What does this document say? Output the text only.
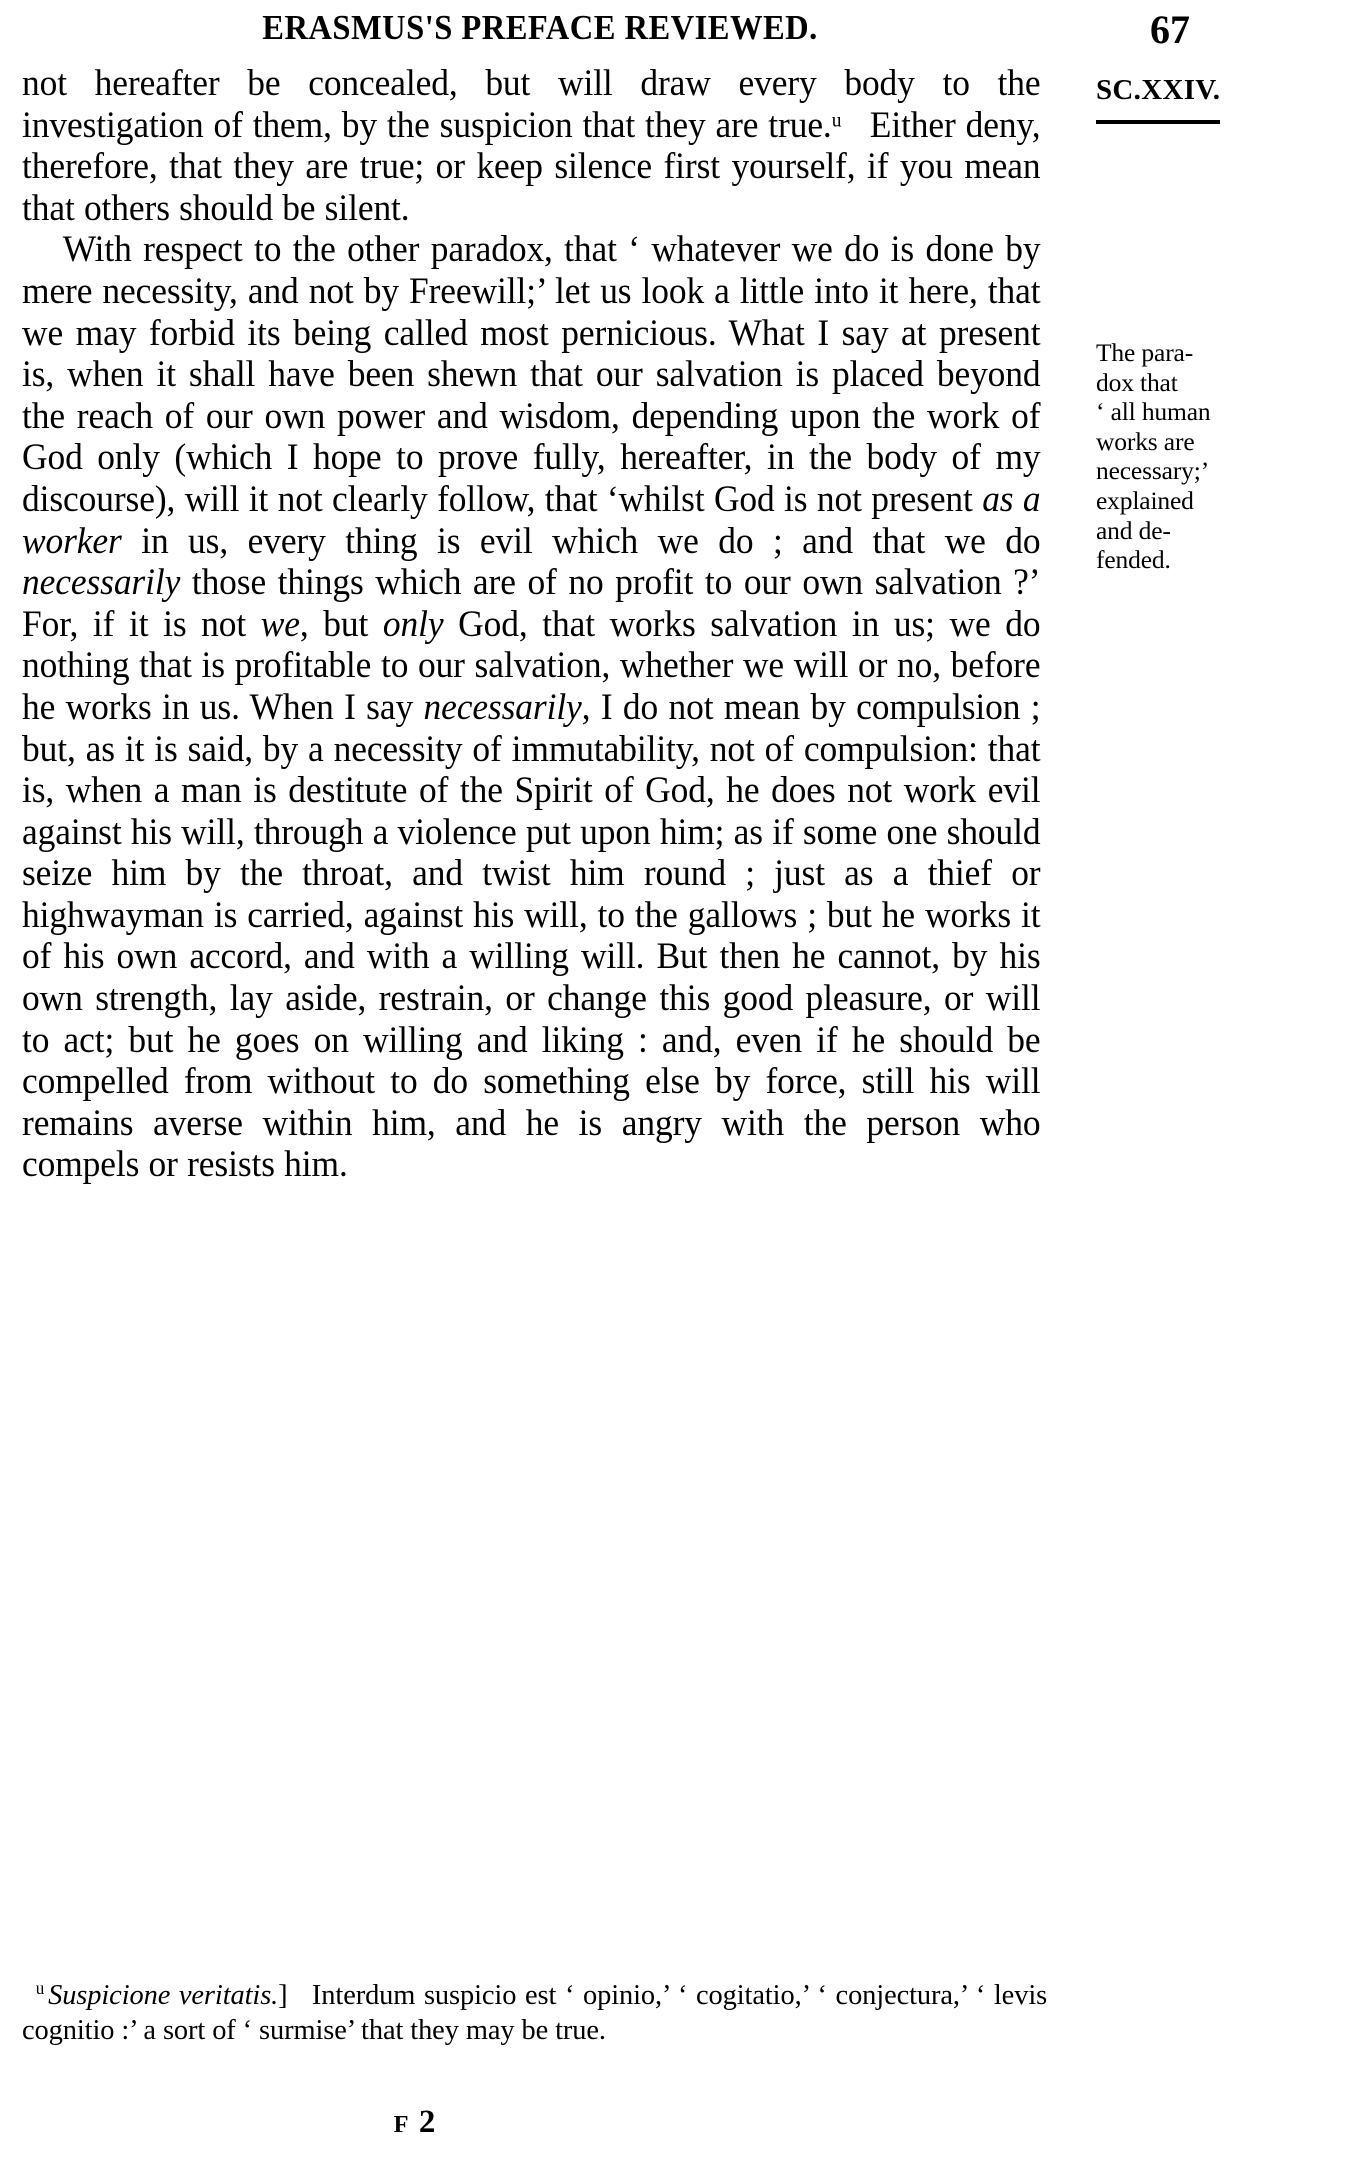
ERASMUS'S PREFACE REVIEWED.	67

not hereafter be concealed, but will draw every body to the investigation of them, by the suspicion that they are true.$^u$ Either deny, therefore, that they are true; or keep silence first yourself, if you mean that others should be silent.

With respect to the other paradox, that ‘ whatever we do is done by mere necessity, and not by Freewill;’ let us look a little into it here, that we may forbid its being called most pernicious. What I say at present is, when it shall have been shewn that our salvation is placed beyond the reach of our own power and wisdom, depending upon the work of God only (which I hope to prove fully, hereafter, in the body of my discourse), will it not clearly follow, that ‘whilst God is not present as a worker in us, every thing is evil which we do ; and that we do necessarily those things which are of no profit to our own salvation ?’ For, if it is not we, but only God, that works salvation in us; we do nothing that is profitable to our salvation, whether we will or no, before he works in us. When I say necessarily, I do not mean by compulsion ; but, as it is said, by a necessity of immutability, not of compulsion: that is, when a man is destitute of the Spirit of God, he does not work evil against his will, through a violence put upon him; as if some one should seize him by the throat, and twist him round ; just as a thief or highwayman is carried, against his will, to the gallows ; but he works it of his own accord, and with a willing will. But then he cannot, by his own strength, lay aside, restrain, or change this good pleasure, or will to act; but he goes on willing and liking : and, even if he should be compelled from without to do something else by force, still his will remains averse within him, and he is angry with the person who compels or resists him.

SC.XXIV.
The para-
dox that
‘ all human
works are
necessary;’
explained
and de-
fended.
$^u$ Suspicione veritatis.] Interdum suspicio est ‘ opinio,’ ‘ cogitatio,’ ‘ conjectura,’ ‘ levis cognitio :’ a sort of ‘ surmise’ that they may be true.
F 2
